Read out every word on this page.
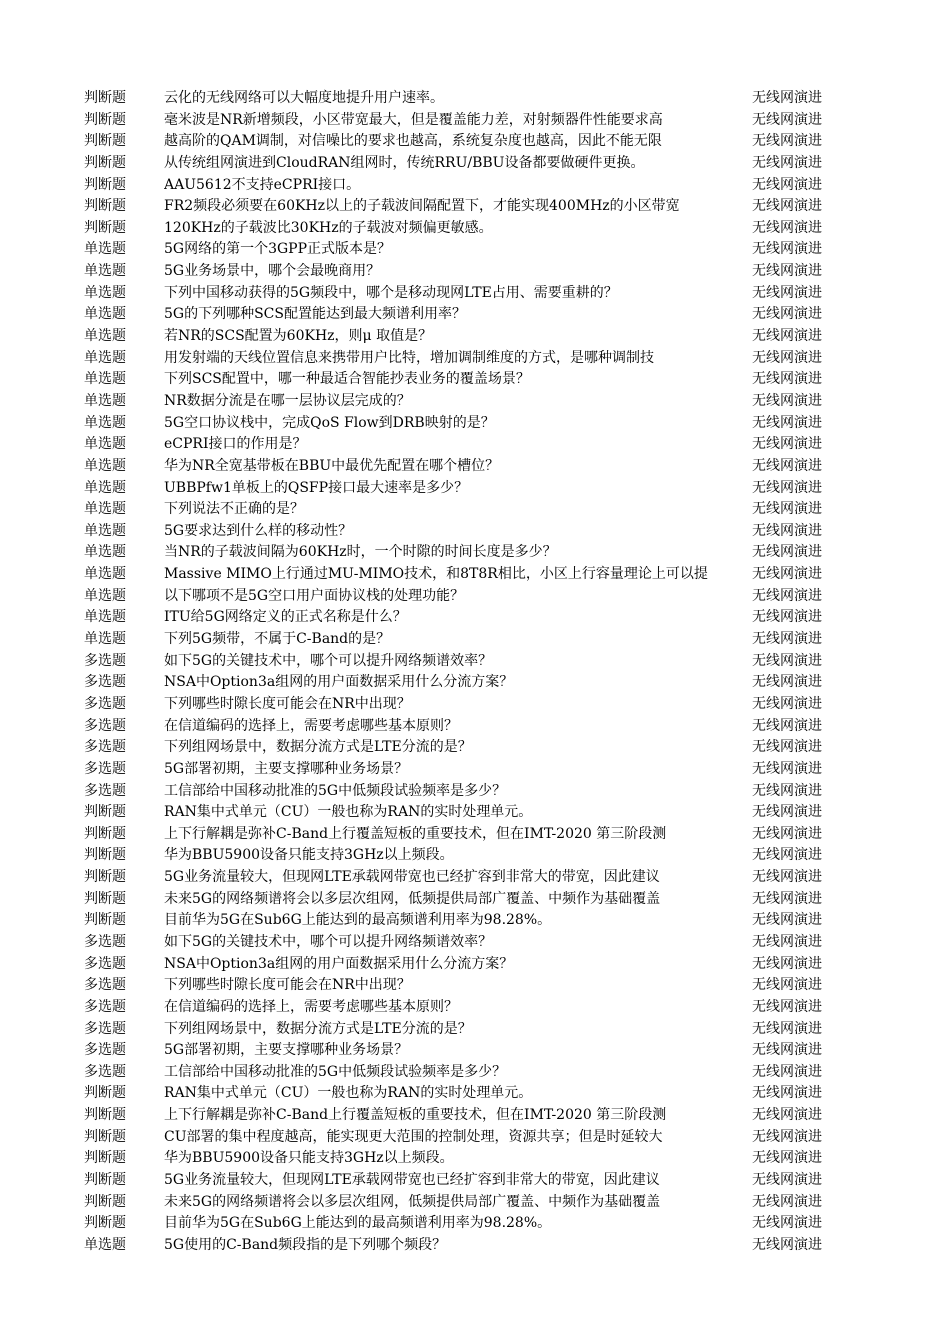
判断题	云化的无线网络可以大幅度地提升用户速率。	无线网演进
判断题	毫米波是NR新增频段，小区带宽最大，但是覆盖能力差，对射频器件性能要求高	无线网演进
判断题	越高阶的QAM调制，对信噪比的要求也越高，系统复杂度也越高，因此不能无限	无线网演进
判断题	从传统组网演进到CloudRAN组网时，传统RRU/BBU设备都要做硬件更换。	无线网演进
判断题	AAU5612不支持eCPRI接口。	无线网演进
判断题	FR2频段必须要在60KHz以上的子载波间隔配置下，才能实现400MHz的小区带宽	无线网演进
判断题	120KHz的子载波比30KHz的子载波对频偏更敏感。	无线网演进
单选题	5G网络的第一个3GPP正式版本是？	无线网演进
单选题	5G业务场景中，哪个会最晚商用？	无线网演进
单选题	下列中国移动获得的5G频段中，哪个是移动现网LTE占用、需要重耕的？	无线网演进
单选题	5G的下列哪种SCS配置能达到最大频谱利用率？	无线网演进
单选题	若NR的SCS配置为60KHz，则μ 取值是？	无线网演进
单选题	用发射端的天线位置信息来携带用户比特，增加调制维度的方式，是哪种调制技	无线网演进
单选题	下列SCS配置中，哪一种最适合智能抄表业务的覆盖场景？	无线网演进
单选题	NR数据分流是在哪一层协议层完成的？	无线网演进
单选题	5G空口协议栈中，完成QoS Flow到DRB映射的是？	无线网演进
单选题	eCPRI接口的作用是？	无线网演进
单选题	华为NR全宽基带板在BBU中最优先配置在哪个槽位？	无线网演进
单选题	UBBPfw1单板上的QSFP接口最大速率是多少？	无线网演进
单选题	下列说法不正确的是？	无线网演进
单选题	5G要求达到什么样的移动性？	无线网演进
单选题	当NR的子载波间隔为60KHz时，一个时隙的时间长度是多少？	无线网演进
单选题	Massive MIMO上行通过MU-MIMO技术，和8T8R相比，小区上行容量理论上可以提	无线网演进
单选题	以下哪项不是5G空口用户面协议栈的处理功能？	无线网演进
单选题	ITU给5G网络定义的正式名称是什么？	无线网演进
单选题	下列5G频带，不属于C-Band的是？	无线网演进
多选题	如下5G的关键技术中，哪个可以提升网络频谱效率？	无线网演进
多选题	NSA中Option3a组网的用户面数据采用什么分流方案？	无线网演进
多选题	下列哪些时隙长度可能会在NR中出现？	无线网演进
多选题	在信道编码的选择上，需要考虑哪些基本原则？	无线网演进
多选题	下列组网场景中，数据分流方式是LTE分流的是？	无线网演进
多选题	5G部署初期，主要支撑哪种业务场景？	无线网演进
多选题	工信部给中国移动批准的5G中低频段试验频率是多少？	无线网演进
判断题	RAN集中式单元（CU）一般也称为RAN的实时处理单元。	无线网演进
判断题	上下行解耦是弥补C-Band上行覆盖短板的重要技术，但在IMT-2020 第三阶段测	无线网演进
判断题	华为BBU5900设备只能支持3GHz以上频段。	无线网演进
判断题	5G业务流量较大，但现网LTE承载网带宽也已经扩容到非常大的带宽，因此建议	无线网演进
判断题	未来5G的网络频谱将会以多层次组网，低频提供局部广覆盖、中频作为基础覆盖	无线网演进
判断题	目前华为5G在Sub6G上能达到的最高频谱利用率为98.28%。	无线网演进
多选题	如下5G的关键技术中，哪个可以提升网络频谱效率？	无线网演进
多选题	NSA中Option3a组网的用户面数据采用什么分流方案？	无线网演进
多选题	下列哪些时隙长度可能会在NR中出现？	无线网演进
多选题	在信道编码的选择上，需要考虑哪些基本原则？	无线网演进
多选题	下列组网场景中，数据分流方式是LTE分流的是？	无线网演进
多选题	5G部署初期，主要支撑哪种业务场景？	无线网演进
多选题	工信部给中国移动批准的5G中低频段试验频率是多少？	无线网演进
判断题	RAN集中式单元（CU）一般也称为RAN的实时处理单元。	无线网演进
判断题	上下行解耦是弥补C-Band上行覆盖短板的重要技术，但在IMT-2020 第三阶段测	无线网演进
判断题	CU部署的集中程度越高，能实现更大范围的控制处理，资源共享；但是时延较大	无线网演进
判断题	华为BBU5900设备只能支持3GHz以上频段。	无线网演进
判断题	5G业务流量较大，但现网LTE承载网带宽也已经扩容到非常大的带宽，因此建议	无线网演进
判断题	未来5G的网络频谱将会以多层次组网，低频提供局部广覆盖、中频作为基础覆盖	无线网演进
判断题	目前华为5G在Sub6G上能达到的最高频谱利用率为98.28%。	无线网演进
单选题	5G使用的C-Band频段指的是下列哪个频段？	无线网演进
